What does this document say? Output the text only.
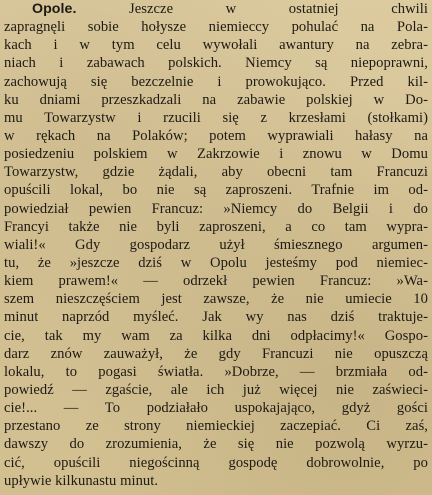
Opole.	Jeszcze w ostatniej chwili
zapragnęli sobie hołysze niemieccy pohulać na Pola-
kach i w tym celu wywołali awantury na zebra-
niach i zabawach polskich. Niemcy są niepoprawni,
zachowują się bezczelnie i prowokująco. Przed kil-
ku dniami przeszkadzali na zabawie polskiej w Do-
mu Towarzystw i rzucili się z krzesłami (stołkami)
w rękach na Polaków; potem wyprawiali hałasy na
posiedzeniu polskiem w Zakrzowie i znowu w Domu
Towarzystw, gdzie żądali, aby obecni tam Francuzi
opuścili lokal, bo nie są zaproszeni. Trafnie im od-
powiedział pewien Francuz: »Niemcy do Belgii i do
Francyi także nie byli zaproszeni, a co tam wypra-
wiali!« Gdy gospodarz użył śmiesznego argumen-
tu, że »jeszcze dziś w Opolu jesteśmy pod niemiec-
kiem prawem!« — odrzekł pewien Francuz: »Wa-
szem nieszczęściem jest zawsze, że nie umiecie 10
minut naprzód myśleć. Jak wy nas dziś traktuje-
cie, tak my wam za kilka dni odpłacimy!« Gospo-
darz znów zauważył, że gdy Francuzi nie opuszczą
lokalu, to pogasi światła. »Dobrze, — brzmiała od-
powiedź — zgaście, ale ich już więcej nie zaświeci-
cie!... — To podziałało uspokajająco, gdyż gości
przestano ze strony niemieckiej zaczepiać. Ci zaś,
dawszy do zrozumienia, że się nie pozwolą wyrzu-
cić, opuścili niegościnną gospodę dobrowolnie, po
upływie kilkunastu minut.
